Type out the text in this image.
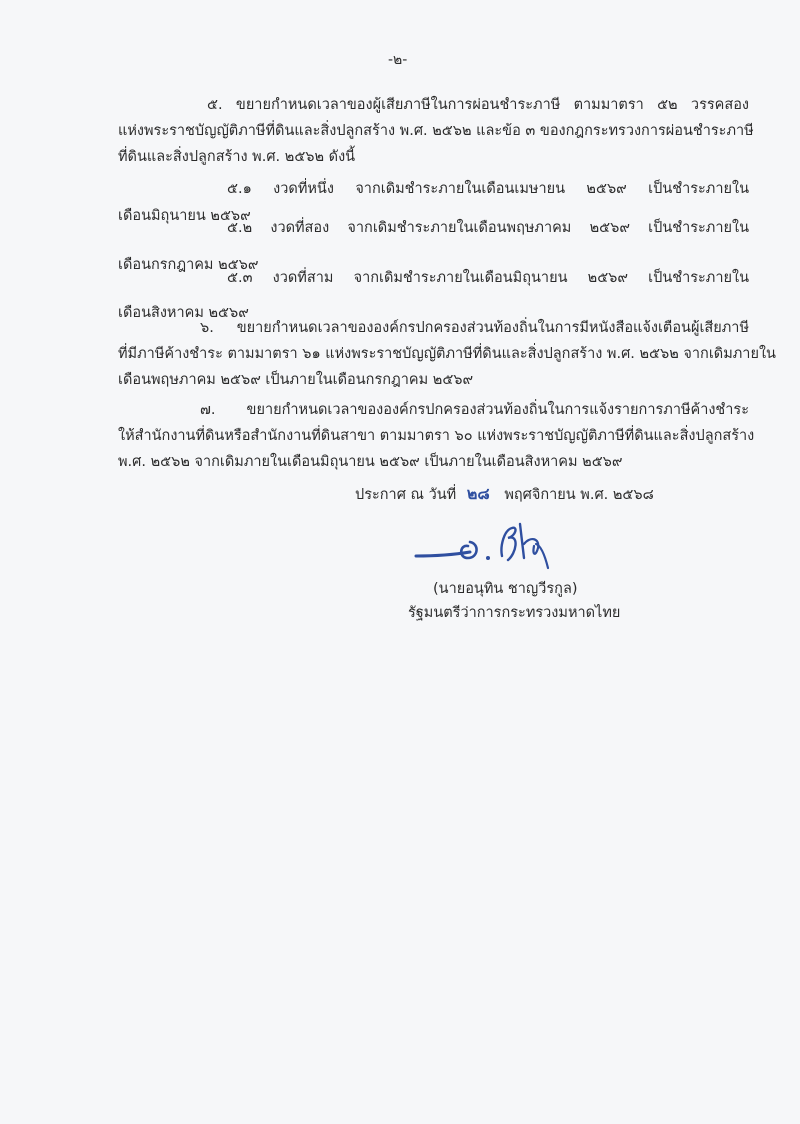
-๒-
๕. ขยายกำหนดเวลาของผู้เสียภาษีในการผ่อนชำระภาษี ตามมาตรา ๕๒ วรรคสอง
แห่งพระราชบัญญัติภาษีที่ดินและสิ่งปลูกสร้าง พ.ศ. ๒๕๖๒ และข้อ ๓ ของกฎกระทรวงการผ่อนชำระภาษี
ที่ดินและสิ่งปลูกสร้าง พ.ศ. ๒๕๖๒ ดังนี้
๕.๑ งวดที่หนึ่ง จากเดิมชำระภายในเดือนเมษายน ๒๕๖๙ เป็นชำระภายใน
เดือนมิถุนายน ๒๕๖๙
๕.๒ งวดที่สอง จากเดิมชำระภายในเดือนพฤษภาคม ๒๕๖๙ เป็นชำระภายใน
เดือนกรกฎาคม ๒๕๖๙
๕.๓ งวดที่สาม จากเดิมชำระภายในเดือนมิถุนายน ๒๕๖๙ เป็นชำระภายใน
เดือนสิงหาคม ๒๕๖๙
๖. ขยายกำหนดเวลาขององค์กรปกครองส่วนท้องถิ่นในการมีหนังสือแจ้งเตือนผู้เสียภาษี
ที่มีภาษีค้างชำระ ตามมาตรา ๖๑ แห่งพระราชบัญญัติภาษีที่ดินและสิ่งปลูกสร้าง พ.ศ. ๒๕๖๒ จากเดิมภายใน
เดือนพฤษภาคม ๒๕๖๙ เป็นภายในเดือนกรกฎาคม ๒๕๖๙
๗. ขยายกำหนดเวลาขององค์กรปกครองส่วนท้องถิ่นในการแจ้งรายการภาษีค้างชำระ
ให้สำนักงานที่ดินหรือสำนักงานที่ดินสาขา ตามมาตรา ๖๐ แห่งพระราชบัญญัติภาษีที่ดินและสิ่งปลูกสร้าง
พ.ศ. ๒๕๖๒ จากเดิมภายในเดือนมิถุนายน ๒๕๖๙ เป็นภายในเดือนสิงหาคม ๒๕๖๙
ประกาศ ณ วันที่ ๒๘ พฤศจิกายน พ.ศ. ๒๕๖๘
(นายอนุทิน ชาญวีรกูล)
รัฐมนตรีว่าการกระทรวงมหาดไทย
